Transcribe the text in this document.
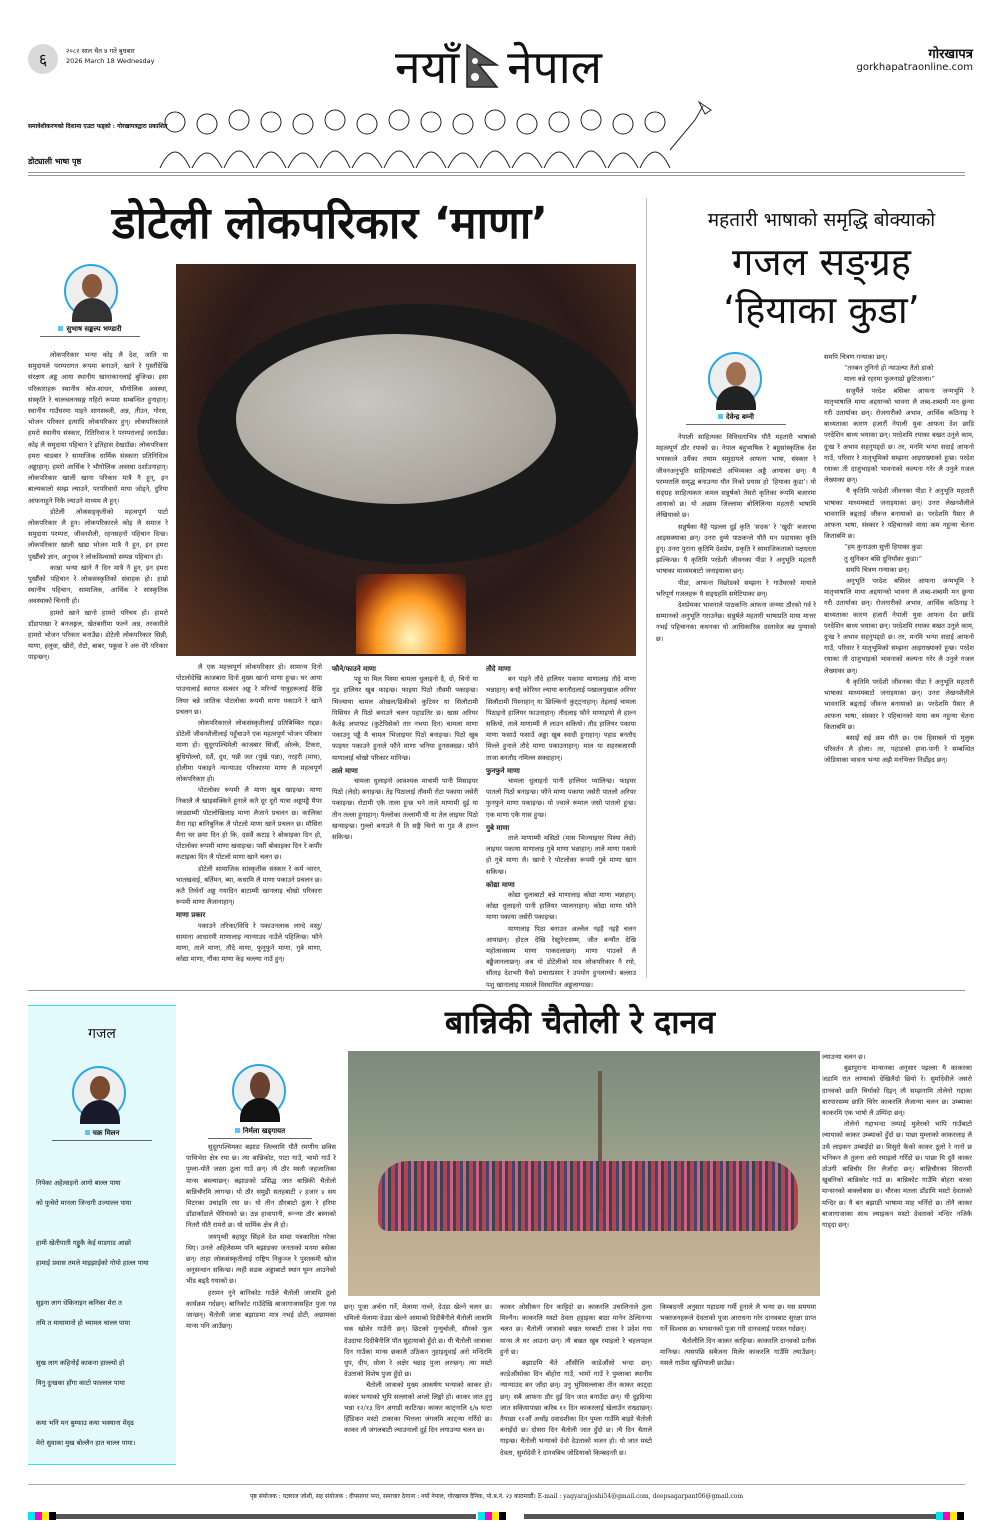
६	२०८२ साल चैत ४ गते बुधबार
2026 March 18 Wednesday	नयाँ नेपाल	गोरखापत्र
gorkhapatraonline.com
समावेशीकरणको दिशामा एउटा फड्को : गोरखापत्रद्वारा प्रकाशित
डोट्याली भाषा पृष्ठ
डोटेली लोकपरिकार ‘माणा’
सुभाष सङ्कल्प भण्डारी

लोकपरिकार भन्या कोइ लै देश, जाति या समुदायले परम्परागत रूपमा बनाउने, खाने रे पुस्तौंदेखि संरक्षण अड्ढ आया स्थानीय खानाकानलाई बुजिन्छ। इसा परिकाराहरू स्थानीय स्रोत-साधन, भौगोलिक अवस्था, संस्कृति रे चालचलनसङ्ग गहिरो रूपमा सम्बन्धित हुनाहान्। स्थानीय गाउँघरमा पाइने सागसब्जी, अन्न, तीउन, गोरस, भोजन परिकार इत्यादि लोकपरिकार हुन्। लोकपरिकारले हमरो स्थानीय संस्कार, रितिरिवाज रे परम्परालाई जनाउँछ। कोइ लै समुदाया पहिचान रे इतिहास देखाउँछ। लोकपरिकार हमरा चाडबार रे सामाजिक धार्मिक संस्कारा प्रतिनिधित्व अड्ढाहान्। हमरो आर्थिक रे भौगोलिक अवस्था दर्शाउनाहान्। लोकपरिकार खाली खाना परिकार मात्रै नै हुन्, इन बाल्यकालो सम्झ ल्याउने, परपरिवारो माया जोड्ने, दुरिया आफनाहुने निकै ल्याउने माध्यम लै हुन्।

डोटेली लोकसङ्कृतीको महत्वपूर्ण पाटो लोकपरिकार लै हुन। लोकपरिकारले कोइ लै समाज रे समुदाया परम्परा, जीवनशैली, रहनसहनो पहिचान दिन्छ। लोकपरिकार खाली खाद्य भोजन मात्रै नै हुन, इन हमरा पुर्खौंको ज्ञान, अनुभव रे लोकविश्वासो सम्पन्न पहिचान हो।

कान्ना भन्या खाने नै दिन मात्रै नै हुन, इन हमरा पुर्खौंको पहिचान रे लोकसंस्कृतिको संवाहक हो। हाम्रो स्थानीय पहिचान, सामाजिक, आर्थिक रे सांस्कृतिक अवस्थाको चिनारी हो।

हामरो खाने खानो हामरो परिचय हो। हामरो डाँडापाखा रे बनजङ्गल, खेतबारीमा फल्ने अन्न, तरकारीले हामरो भोजन परिकार बनाउँछ। डोटेली लोकपरिकार सिन्नी, माणा, हलुवा, खीरो, रोटो, बाबर, पकुवा रे अरु धेरै परिकार पाइन्छन्।

लै एक महत्त्वपूर्ण लोकपरिकार हो। सामान्य दिनो पोटलोदेखि काजबारा दिनो मुख्य खानो माणा हुन्छ। घर आया पाउनालाई स्वागत सत्कार अड्ढ रे मरिन्याँ यात्रुहरूलाई दैखि लियर बन्ने जातिक पोटलोका रूपमी माणा पकाउने रे खाने प्रचलन छ।

लोकपरिकारले लोकसंस्कृतीलाई प्रतिबिम्बित गद्दछ। डोटेली जीवनशैलीलाई पहुँचाउने एक महत्वपूर्ण भोजन परिकार माणा हो। सुदूरपश्चिमेली काजबार सिजौँ, ओल्के, टिकरा, बुधियोल्लो, दशैं, दुध, पन्नी जत (पुखे पन्ना), नरहरी (माघ), होलीमा पकाइने न्यान्याउद परिकारमा माणा लै महत्वपूर्ण लोकपरिकार हो।

पोटलोका रूपमी लै माणा खुब खाइन्छ। माणा निकालै लै खाइसक्किने हुनाले कतै दूर दूरो यात्रा अड्डपड्ढै मैपर जाड्याम्मी पोटलोखिलाइ माणा लैजाने प्रचलन छ। कालिका मैना गद्दा बानिबुनिक लै पोटलो माणा खाने प्रचलन छ। मौसिरा मैना घर छया दिन हो कि, दसवैं कटाइ रे बोकाइका दिन हो, पोटलोका रूपमी माणा खवाइन्छ। पर्सी बोकाइका दिन रे कर्पौर कटाइका दिन लै पोटलो माणा खाने चलन छ।

डोटेली सामाजिक सांस्कृतीक संस्कार रे कर्म न्वारन, भातखवाई, बर्तिमन, ब्या, कथामि लै माणा पकाउने प्रचलन छ। कतै तिर्थनाँ अड्ढ गयादिन बाटाम्मी खानलाइ चोखो परिकारा रूपमी माणा लैजानाहान्।

माणा प्रकार

पकाउने तरिका/विधि रे पकाउनलाक लाग्दे वस्तु/सामाना आधारमी माणालाइ न्यान्याउद नाउँले पहिलिन्छ। फौने माणा, ताले माणा, तौदे माणा, फुनुफुने माणा, गुबे माणा, कोद्या माणा, गौंका माणा केइ चल्ल्या नाउँ हुन्।

फौने/फाउने माणा

पट्टू या मिल पिस्या चामला धुलाइनो दै, दो, चिनो या गुड हालियर खुब फाइन्छ। फाइया पिठो तौवमी पकाइन्छ। भिज्याया चामल ओखल/ढिकीको कुटियर या सिलौटामी पिसियर लै पिठो बनाउने चलन पहाडतिर छ। खास अरियर कैलेइ अपरफट (कुटेपिसेको तार नभया दिन) चामला माणा पकाउनु पड्ढै मै चामल भिजाइयर पिठो बनाइन्छ। पिठो खुब फाइयर पकाउने हुनाले फौने माणा भनिया हुनसक्दछ। फौने माणालाई चोखो परिकार मानिन्छ।

ताले माणा

चामला धुलाइनो आवश्यक मात्रामी पानी मिसाइयर पिठो (लेदो) बनाइन्छ। तेइ पिठालाई तौवमी रोटा पकाया जसेरी पकाइन्छ। रोटामी एकै ताला हुन्छ भने ताले माणामी दुई या तीन तल्ला हुनाहान्। पैल्लोका तल्लामी घी या तेल लाइयर पिठो खन्याइन्छ। गुल्लो बनाउने मै ति सङ्गै चिनो या गुड लै हाल्न सकिन्छ।

तौदे माणा

बन पाइने तौदे हालियर पकाया माणालाइ तौदे माणा भन्नाहान्। बनहै कोरियर ल्याया बनतौदलाई पखालपुखाल अरियर सिलौटामी पिस्नाहान् या छिल्किनो कुट्ट्नाहान्। तेइलाई चामला पिठाइनो हालियर फाउनाहान्। तौदलाइ फौने माणाइणो लै हाल्न सकियो, ताले माणाम्मी लै लाउन सकियो। तौद हालियर पकाया माणा फसाउँ फसाउँ अड्ढा खुब स्वादी हुनाहान्। पहाड बनतौद मिल्ले हुनाले तौदे माणा पकाउनाहान्। माल या सहरबजारमी ताजा बनतौद नमिल्ल सक्दाहान्।

फुनफुने माणा

चामला धुलाइनो पानी हालियर प्यालिन्छ। फाइयर पातलो पिठो बनाइन्छ। फौने माणा पकाया जसेरी पातलो अरियर फुनफुने माणा पकाइन्छ। यो ज्वाले रूमाल जसो पातलो हुन्छ। एक माणा एकै गास हुन्छ।

गुबे माणा

ताले माणाम्मी मसिठो (मास भिज्याइयर पिस्या लेदो) लाइयर पकाया माणालाइ गुबे माणा भन्नाहान्। ताले माणा पकाये हो गुबे माणा लै। खानो रे पोटलोका रूपमी गुबे माणा खान सकिन्छ।

कोद्या माणा

कोद्या धुलाबाटो बन्ने माणालाइ कोद्या माणा भन्नाहान्। कोद्या धुलाइनो पानी हालियर प्यालनाहान्। कोद्या माणा फौने माणा पकाया जसेरी पकाइन्छ।

माणालाइ पिठा बनाउन अल्लेल नइहै नइहै चलन आयाछन्। होटल देखि रेस्टुरेन्टसम्म, जीत बन्यौंत देखि महोत्सवसम्म माणा पाकदलाछन्। माणा पाउको लै बढ्ढैजानलाछन्। अब यो डोटेलीको मात्र लोकपरिकार नै रयो, सौंताइ देशभरी यैको प्रचारप्रसार रे उपयोग हुनलाग्यो। बल्लाउ पशु खानालाइ मासाले विस्थापित अड्ढलाग्याछ।

महतारी भाषाको समृद्धि बोक्याको
गजल सङ्ग्रह
‘हियाका कुडा’
देवेन्द्र बम्नी

नेपाली साहित्यका विविधताभित्र यौतै महतारी भाषाको महत्वपूर्ण ठौर रयाको छ। नेपाल बहुभाषिक रे बहुसांस्कृतिक देश भयाकाले उथैंका तमाम समुदायले आफना भाषा, संस्कार रे जीवनअनुभूति साहित्यबाटो अभिव्यक्त अड्ढै आयाका छन्। यै परम्परालि समृद्ध बनाउन्या यौत निको प्रयास हो ‘हियाका कुडा’। यो सङ्ग्रह साहित्यकार कमल सन्नुर्षको तेसरो कृतिका रूपमि बजारमा आयाको छ। यो अछाम जिल्लामा बोलिलिन्या महतारी भाषामि लेखियाको छ।

सन्नुर्षका यैहै पइल्ला दुई कृति ‘सदक’ रे ‘खुदी’ बजारमा आइसक्याका छन्। उनरा दुम्ये पाठकन्ले यौतै मन पदायाका कृति हुन्। उनरा पुराना कृतिमि देशप्रेम, प्रकृति रे सामाजिकताको पक्षधरता झल्किन्छ। यै कृतिमि परदेशी जीवनका पीडा रे अनुभूति महतारी भाषाका माध्यमबाटो जनाइयाका छन्।

पीडा, आफन्त विछोडको सम्झना रे गाउँघरको मायाले भरिपूर्ण गजलहरू यै सङ्ग्रहमि समेटियाका छन्।

देशप्रेमका भावनाले पाठकन्ति आफना जन्म्या ठौरको गर्व रे सम्मानको अनुभूति गराउनेछ। सन्नुर्षले महतारी भाषाप्रति माया मात्तर नभई पहिचानका कथनका यो आधिकारिक दस्तावेज बन्न पुग्याको छ।

समपि चित्रण गन्याका छन्।

“तनबन तुनिनो हो न्याउल्या तैतो डाको

माला बन्ने रहरमा फुलनाढो छुटिजाला।”

सजुर्यैले परदेश बसिबर आफना जन्मभूमि रे मातृभाषालि माया अद्दयान्को भावना लै शब्द-शब्दमी मन छुन्या गरी उतार्याका छन्। रोजगारीको अभाव, आर्थिक कठिनाइ रे बाध्यताका कारण हजारौं नेपाली युवा आफना देश छाडि परदेशिन बाध्य भयाका छन्। परदेशमि रयाका बखत उनुले काम, दुःख रे अभाव सहनुपड्दो छ। तर, मनमि भन्या सदाई आफनो गाउँ, परिवार रे मातृभूमिको सम्झना आइराख्याको हुन्छ। परदेश रयाका ती दाजुभाइको भावनाको कल्पना गरेर लै उनुले गजल लेख्याका छन्।

यै कृतिमि परदेशी जीवनका पीडा रे अनुभूति महतारी भाषाका माध्यमबाटो जनाइयाका छन्। उनरा लेखनशैलीले भावनालि बढ्ताई जीवन्त बनायाको छ। परदेशमि पैसार लै आफना भाषा, संस्कार रे पहिचानको माया कम नहुन्या चेतना किताबमि छ।

“हम कुनाउला सुत्ती हियाका कुडा

तु सुनिकन बसि दुनियाँका कुडा।”

समपि चित्रण गन्याका छन्।

अनुभूति परदेश बसिवर आफना जन्मभूमि रे मातृभाषालि माया अद्दयान्को भावना लै शब्द-शब्दमी मन छुन्या गरी उतार्याका छन्। रोजगारीको अभाव, आर्थिक कठिनाइ रे बाध्यताका कारण हजारौं नेपाली युवा आफना देश छाडि परदेशिन बाध्य भयाका छन्। परदेशमि रयाका बखत उनुले काम, दुःख रे अभाव सहनुपड्दो छ। तर, मनमि भन्या सदाई आफनो गाउँ, परिवार रे मातृभूमिको सम्झना आइराख्याको हुन्छ। परदेश रयाका ती दाजुभाइको भावनाको कल्पना गरेर लै उनुले गजल लेख्याका छन्।

यै कृतिमि परदेशी जीवनका पीडा रे अनुभूति महतारी भाषाका माध्यमबाटो जनाइयाका छन्। उनरा लेखनशैलीले भावनालि बढ्ताई जीवन्त बनायाको छ। परदेशमि पैसार लै आफना भाषा, संस्कार रे पहिचानको माया कम नहुन्या चेतना किताबमि छ।

बसाईं सई क्रम यौतै छ। एक हिसाबले यो मुलुक परिवर्तन लै होला। तर, पहाडको हावा-पानी रे सम्बन्धित जोडियाका भावना भन्या अझै मनभित्तर निर्डोइद छन्।

गजल
चक्र मिलन
निपेका अहेत्वाइनो आगो बाल्ल पाया
को फुचेरो मानला जिन्दगी उज्याल्ल पाया
हामी खेतीपाती गड्ढुकै केई माडगाड आछो
हामाई प्रवास तमले माइझाईको गोयो हाल्ल पाया
सुइना लाग धेकिनाइन कनिका मेरा त
तमि त मायामानो हो च्यामल चाल्ल पाया
सुख लाग कहिनोइँ काकना हाल्ल्यो हो
यिनु दुःखका हाँगा काटो फाल्लल पाया
कया भनि मन बुम्फाउ कया भक्याना मेद्ढ
मेरो सुवाका मुख बोल्लैन हात चाल्ल पाया।
बान्निकी चैतोली रे दानव
निर्मला खड्गायत

सुदूरपश्चिमका बझाङ जिल्लामि यौतै रमणीय छविस पाथिभेरा क्षेत्र रया छ। त्या बान्निकोट, पाटा गाउँ, भामो गाउँ रे पुम्ला-योतै जस्ता ठूला गाउँ छन्। त्यै ठौर मस्तौ जहजातिका मान्स बस्ल्याछन्। बझाङको प्रसिद्ध जात बान्निकी चैतोलो बान्निचौरमि लागन्छ। यो ठौर समुद्री सतहबाटी २ हजार ४ सय मिटरका उचाइमि रया छ। यो तीन ठौरबाटो ठूला रे हरिया डाँडाकाँडाले घेरियाको छ। ठन्न हावापानी, रून्न्या ठौर बस्नाको नितरौ यौतै रामरो छ। यो धार्मिक क्षेत्र लै हो।

जयपृथ्वी बहादुर सिंहले देश सम्दा पत्रकारिता गरेका थिए। उनले अहिलेसम्म पनि बझाङका जनताको मनमा बसेका छन्। ताहा लोकसंस्कृतीलाई राष्ट्रिय निकुञ्ज रे पुस्तकमी खोज अनुसन्धान सकिन्छ। त्यही सडक अड्डाबाटो स्थान घुम्न आउनेको भीड बढ्दै गयाको छ।

हरामन नुने बानिकोट गाउँले चैतोली जात्रामि ठूलो कार्यक्रम गर्दछन्। बानिकोट गाउँदेखि बाजागाजासहित पुजा गन्न जान्छन्। चैतोली जात्रा बझाङमा मात्र नभई डोटी, अछामका मान्स पनि आउँछन्।

छन्। पूजा अर्चना गर्ने, मेलामा नाच्ने, देउडा खेल्ने चलन छ। धमिलो मेलामा देउडा खेल्ने आमाको दिदीबैनीले चैतोली जात्रामि थक खोलेर गाउँनी छन्। छिटको गुन्युचोली, सौरको फूल देउदाया दिदीबैनीलि पौत सुहायाको हुँदो छ। यी चैतोली जात्राका दिन गाउँका मान्स छकालै उठिकन नुहाइधुवाई अरो मन्दिरमि धुप, दीप, धोला रे अक्षेर चढाइ पुजा अरन्छन्। त्या मस्टो देउताको विशेष पुजा हुँदो छ।

चैतोली जात्राको मुख्य आकर्षण भन्याको काकर हो। काकर भन्याको भुपि सल्लाको अग्लो लिङ्गो हो। काकर जात हुनु भन्ना १२/१३ दिन अगाडी काटिन्छ। काकर काट्नालि ६/७ घन्टा हिँडिकन मस्टो टाकाका भित्तला जंगलमि काट्न्या गरिँदो छ। काकर त्यै जंगलबाटी ल्याउनालो दुई दिन लगाउन्या चलन छ।

काकर ओसीकन दिन काट्टिदो छ। काकरलि उचालिनाले ठुला मिल्नैन। काकरलि मस्टो देवता हट्टाइका बाठा मानेन ठेल्दिनन्या चलन छ। चैतोली जात्राको बखत घरबाटी टाका रे प्रदेश गया मान्स लै घर आउना छन्। त्यै बखत खुब रमाइलो रे चहलपहल हुनो छ।

बझाङमि चैते औंसीलि काडेऔंसो भन्दा छन्। काडेऔंसोका दिन बोहोरा गाउँ, भामो गाउँ रे पुम्लाका स्थानीय न्यान्याउद बन जाँदा छन्। उनु भुपिसल्लाका तीन काकर काट्दा छन्। सबै आफना ठौर दुई दिन जात बनाउँदा छन्। यी दुइदिन्या जात सकियापाछा करिब ११ दिन काकरलाई खेलाउँन राख्दाछन्। तैपाछा १२औं अथाँइ दवादशीका दिन पुम्ला गाउँमि बाझो चैतोली बनाइँदो छ। दोसरा दिन चैतोली जात हुँदो छ। त्यै दिन चैताले गाइन्छ। चैतोली भन्याको देवो देउताको भजन हो। यो जात मस्टो देवता, सुर्मादेवी रे दानवबिच जोडियाको किम्बदन्ती छ।

किम्बदन्ती अनुसार पहाडमा गर्मी हुनाले लै भन्या छ। यस समयमा भक्तजनहरूले देवताको पूजा आराधना गरेर दानवबाट सुरक्षा प्राप्त गर्ने विश्वास छ। भगवानको पूजा गरी दानवलाई परास्त गर्दछन्।

चैतोलीलि दिन काकर काट्टिन्छ। काकरलि दानवको प्रतीक मानिन्छ। त्यसपछि सबैजना मिलेर काकरलि गाउँमि ल्याउँछन्। यसले गाउँमा खुशियाली छाउँछ।

ल्याउन्या चलन छ।

बुढापुराना मान्सनका अनुसार पइल्ला यै काकरका जडामि रात लाग्याको देखिलैदो छियो रे। सुर्मादेवीले जसरो दानवको छाति चिर्याको दिइन् त्यै सम्झनामि तोलेनो गद्दाका बारपारसम्म छाति चिरेर काकरलि लैजान्या चलन छ। उम्ब्याका काकरमि एक भाषो लै उम्पिंदा छन्।

तोलेनो गद्दाभन्दा तम्पाई मुलेरको भापि गाउँबाटो ल्यायाको काकर उम्ब्याको हुँदो छ। पाछा मुम्लाको काकरलाइ लै उथै लाइकन उम्बाइँदो छ। मिसुरो कैको काकर ठूलो रे नानो छ भनिकन लै तुलना अरो रमाइलो गरिँदो छ। पाछा यि दुवै काकर ठोउगी बान्निचौर तिर लैजाँदा छन्। बान्निचौरका सिरानमी खुबनिको बान्निकोट गाउँ छ। बान्निकोट गाउँमि बोहरा थरका मान्सनको बाक्लोबास छ। चौरका मतला डाँडामि मस्टो देवताको मन्दिर छ। यै बन बझाङी भाषामा माह भनिँदो छ। तोनै काकर बाजागाजाका साथ ल्याइकन मस्टो देवताको मन्दिर नजिकै गाड्दा छन्।

पृष्ठ संयोजक : यज्ञराज जोशी, सह संयोजक : दीपसागर पन्त, समाचार ठेगाना : नयाँ नेपाल, गोरखापत्र दैनिक, पो.ब.नं. २३ काठमाडौं। E-mail : yagyarajjoshi54@gmail.com, deepsagarpant06@gmail.com
